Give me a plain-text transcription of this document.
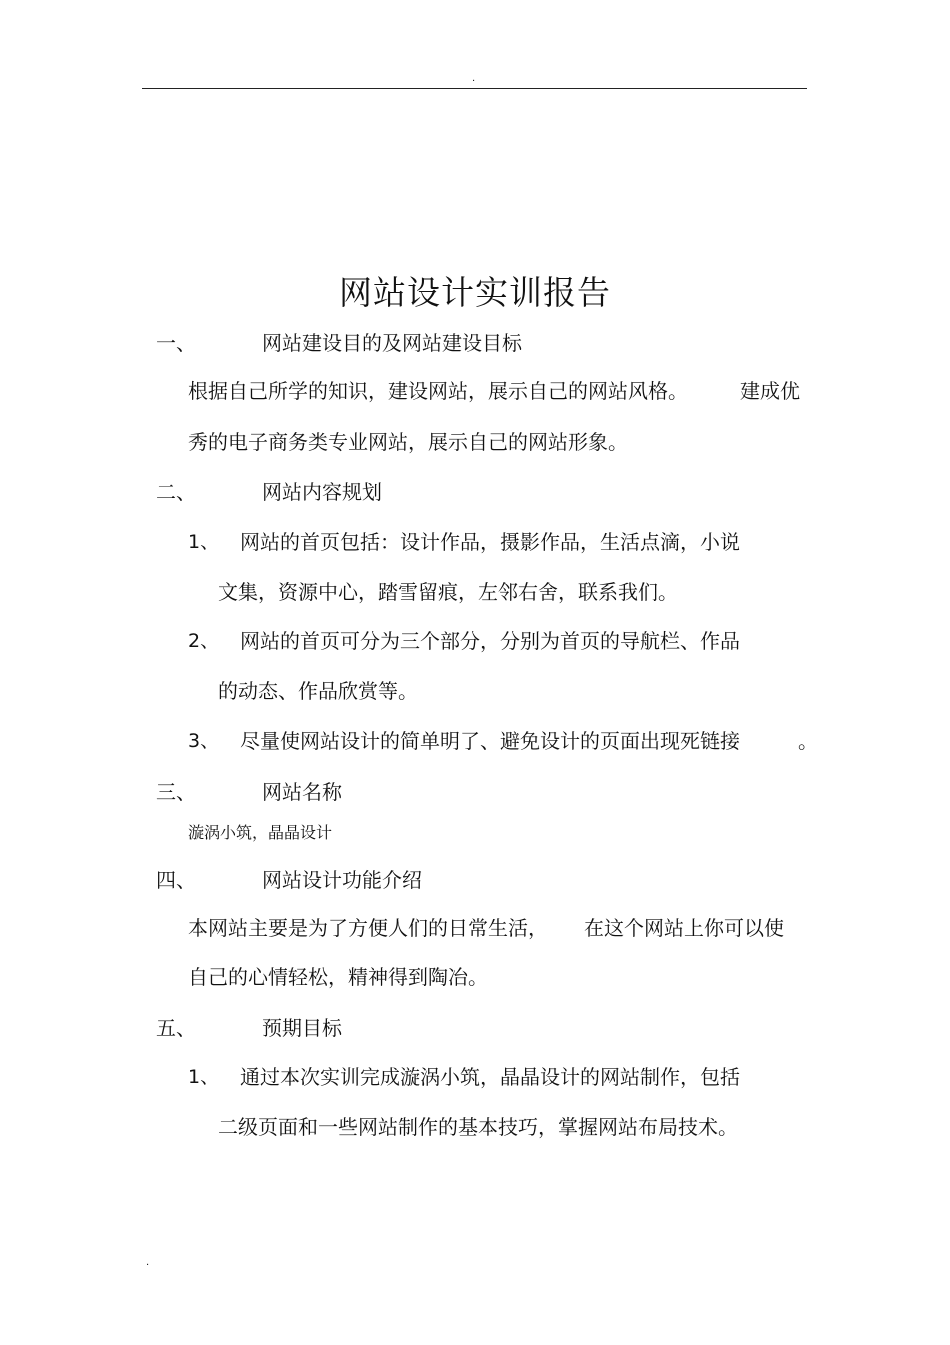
.
网站设计实训报告
一、	网站建设目的及网站建设目标
根据自己所学的知识，建设网站，展示自己的网站风格。	建成优
秀的电子商务类专业网站，展示自己的网站形象。
二、	网站内容规划
1、 网站的首页包括：设计作品，摄影作品，生活点滴，小说
文集，资源中心，踏雪留痕，左邻右舍，联系我们。
2、 网站的首页可分为三个部分，分别为首页的导航栏、作品
的动态、作品欣赏等。
3、 尽量使网站设计的简单明了、避免设计的页面出现死链接	。
三、	网站名称
漩涡小筑，晶晶设计
四、	网站设计功能介绍
本网站主要是为了方便人们的日常生活， 在这个网站上你可以使
自己的心情轻松，精神得到陶冶。
五、	预期目标
1、 通过本次实训完成漩涡小筑，晶晶设计的网站制作，包括
二级页面和一些网站制作的基本技巧，掌握网站布局技术。
.
